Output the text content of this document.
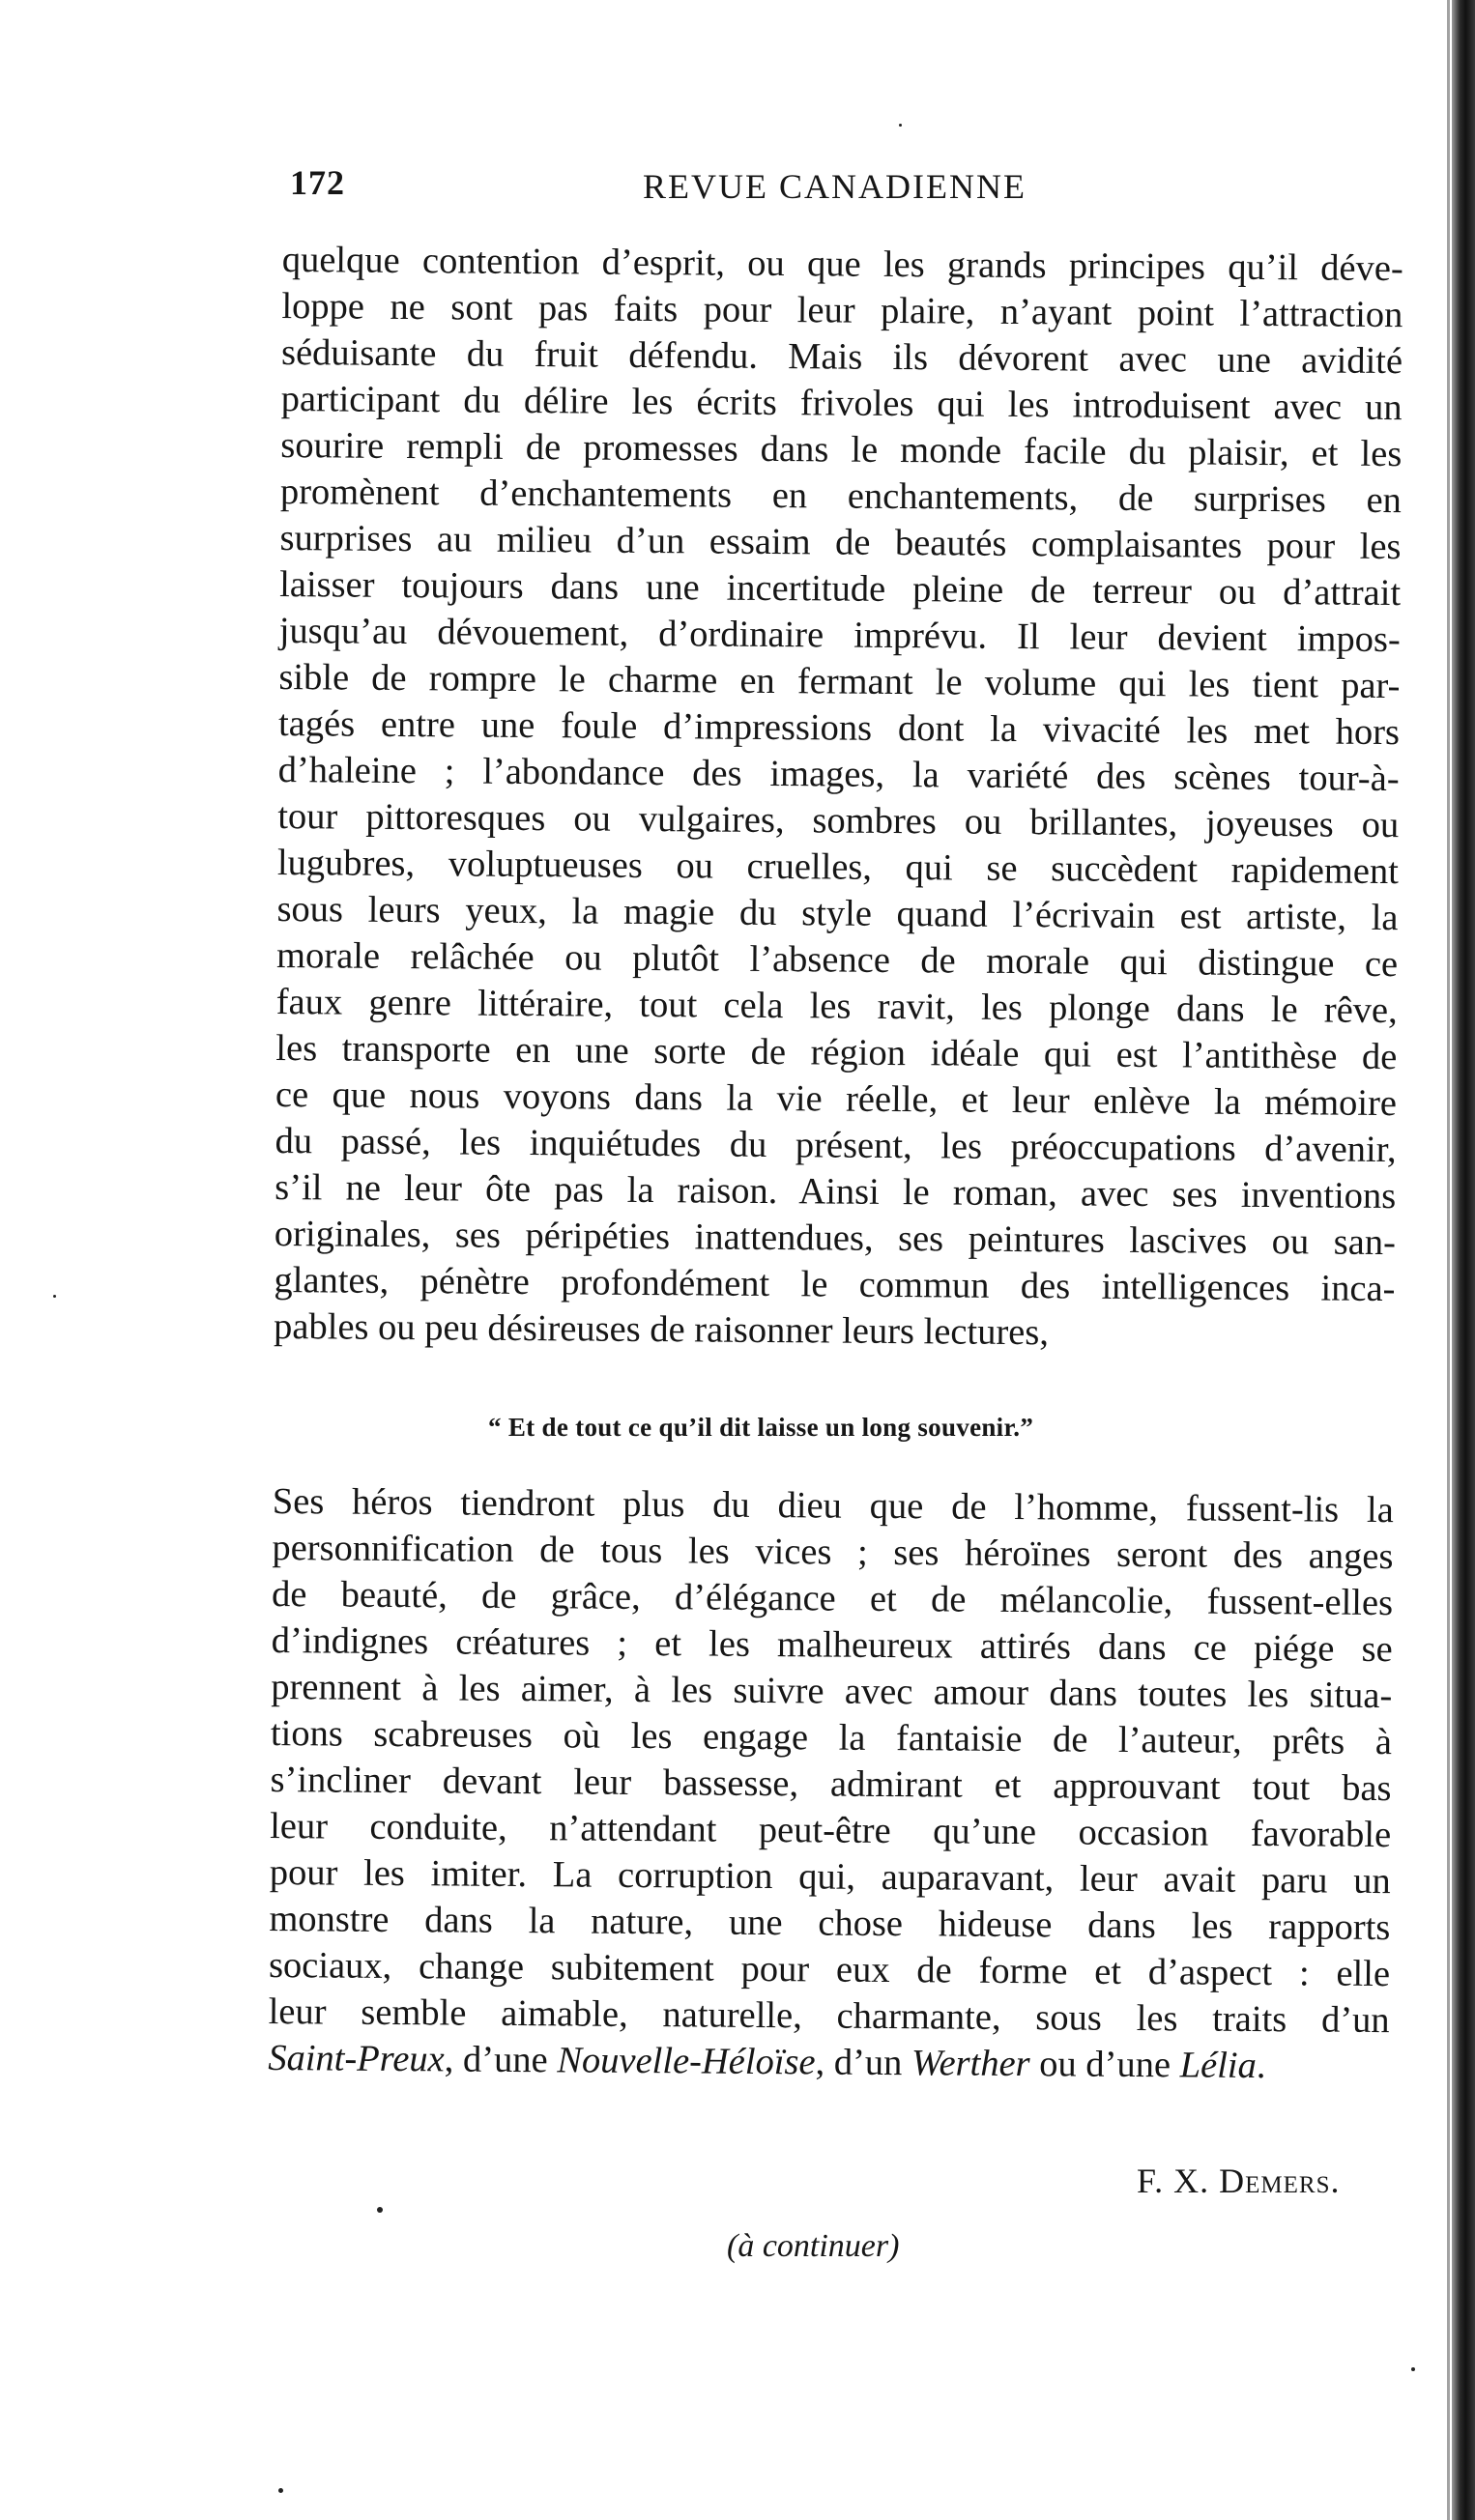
172	REVUE CANADIENNE
quelque contention d’esprit, ou que les grands principes qu’il déve-
loppe ne sont pas faits pour leur plaire, n’ayant point l’attraction
séduisante du fruit défendu. Mais ils dévorent avec une avidité
participant du délire les écrits frivoles qui les introduisent avec un
sourire rempli de promesses dans le monde facile du plaisir, et les
promènent d’enchantements en enchantements, de surprises en
surprises au milieu d’un essaim de beautés complaisantes pour les
laisser toujours dans une incertitude pleine de terreur ou d’attrait
jusqu’au dévouement, d’ordinaire imprévu. Il leur devient impos-
sible de rompre le charme en fermant le volume qui les tient par-
tagés entre une foule d’impressions dont la vivacité les met hors
d’haleine ; l’abondance des images, la variété des scènes tour-à-
tour pittoresques ou vulgaires, sombres ou brillantes, joyeuses ou
lugubres, voluptueuses ou cruelles, qui se succèdent rapidement
sous leurs yeux, la magie du style quand l’écrivain est artiste, la
morale relâchée ou plutôt l’absence de morale qui distingue ce
faux genre littéraire, tout cela les ravit, les plonge dans le rêve,
les transporte en une sorte de région idéale qui est l’antithèse de
ce que nous voyons dans la vie réelle, et leur enlève la mémoire
du passé, les inquiétudes du présent, les préoccupations d’avenir,
s’il ne leur ôte pas la raison. Ainsi le roman, avec ses inventions
originales, ses péripéties inattendues, ses peintures lascives ou san-
glantes, pénètre profondément le commun des intelligences inca-
pables ou peu désireuses de raisonner leurs lectures,
“ Et de tout ce qu’il dit laisse un long souvenir.”
Ses héros tiendront plus du dieu que de l’homme, fussent-lis la
personnification de tous les vices ; ses héroïnes seront des anges
de beauté, de grâce, d’élégance et de mélancolie, fussent-elles
d’indignes créatures ; et les malheureux attirés dans ce piége se
prennent à les aimer, à les suivre avec amour dans toutes les situa-
tions scabreuses où les engage la fantaisie de l’auteur, prêts à
s’incliner devant leur bassesse, admirant et approuvant tout bas
leur conduite, n’attendant peut-être qu’une occasion favorable
pour les imiter. La corruption qui, auparavant, leur avait paru un
monstre dans la nature, une chose hideuse dans les rapports
sociaux, change subitement pour eux de forme et d’aspect : elle
leur semble aimable, naturelle, charmante, sous les traits d’un
Saint-Preux, d’une Nouvelle-Héloïse, d’un Werther ou d’une Lélia.
F. X. Demers.
(à continuer)
